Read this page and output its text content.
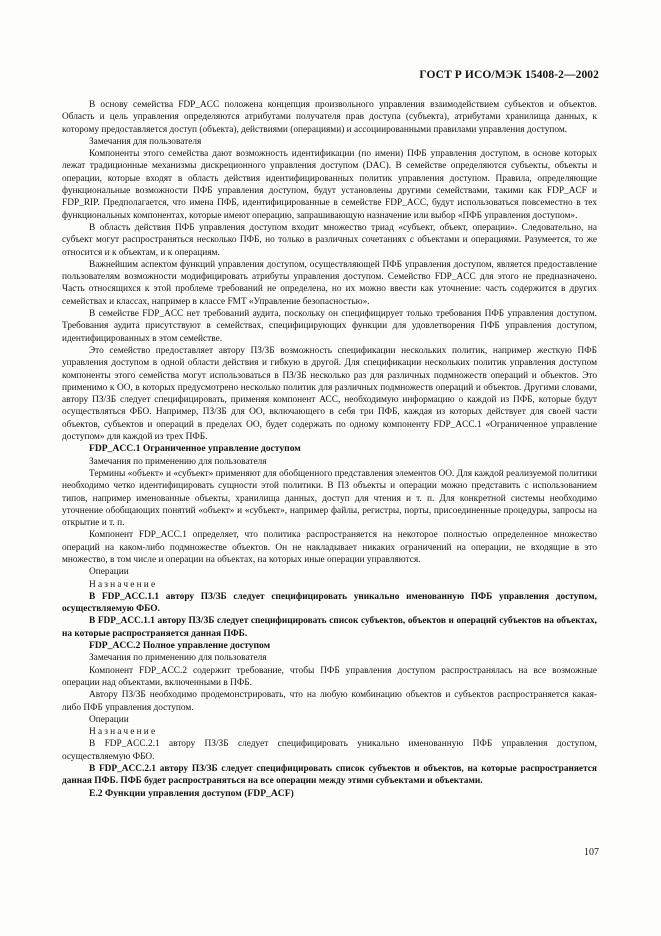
ГОСТ Р ИСО/МЭК 15408-2—2002

В основу семейства FDP_ACC положена концепция произвольного управления взаимодействием субъектов и объектов. Область и цель управления определяются атрибутами получателя прав доступа (субъекта), атрибутами хранилища данных, к которому предоставляется доступ (объекта), действиями (операциями) и ассоциированными правилами управления доступом.

Замечания для пользователя

Компоненты этого семейства дают возможность идентификации (по имени) ПФБ управления доступом, в основе которых лежат традиционные механизмы дискреционного управления доступом (DAC). В семействе определяются субъекты, объекты и операции, которые входят в область действия идентифицированных политик управления доступом. Правила, определяющие функциональные возможности ПФБ управления доступом, будут установлены другими семействами, такими как FDP_ACF и FDP_RIP. Предполагается, что имена ПФБ, идентифицированные в семействе FDP_ACC, будут использоваться повсеместно в тех функциональных компонентах, которые имеют операцию, запрашивающую назначение или выбор «ПФБ управления доступом».

В область действия ПФБ управления доступом входит множество триад «субъект, объект, операции». Следовательно, на субъект могут распространяться несколько ПФБ, но только в различных сочетаниях с объектами и операциями. Разумеется, то же относится и к объектам, и к операциям.

Важнейшим аспектом функций управления доступом, осуществляющей ПФБ управления доступом, является предоставление пользователям возможности модифицировать атрибуты управления доступом. Семейство FDP_ACC для этого не предназначено. Часть относящихся к этой проблеме требований не определена, но их можно ввести как уточнение: часть содержится в других семействах и классах, например в классе FMT «Управление безопасностью».

В семействе FDP_ACC нет требований аудита, поскольку он специфицирует только требования ПФБ управления доступом. Требования аудита присутствуют в семействах, специфицирующих функции для удовлетворения ПФБ управления доступом, идентифицированных в этом семействе.

Это семейство предоставляет автору ПЗ/ЗБ возможность спецификации нескольких политик, например жесткую ПФБ управления доступом в одной области действия и гибкую в другой. Для спецификации нескольких политик управления доступом компоненты этого семейства могут использоваться в ПЗ/ЗБ несколько раз для различных подмножеств операций и объектов. Это применимо к ОО, в которых предусмотрено несколько политик для различных подмножеств операций и объектов. Другими словами, автору ПЗ/ЗБ следует специфицировать, применяя компонент АСС, необходимую информацию о каждой из ПФБ, которые будут осуществляться ФБО. Например, ПЗ/ЗБ для ОО, включающего в себя три ПФБ, каждая из которых действует для своей части объектов, субъектов и операций в пределах ОО, будет содержать по одному компоненту FDP_ACC.1 «Ограниченное управление доступом» для каждой из трех ПФБ.

FDP_ACC.1 Ограниченное управление доступом

Замечания по применению для пользователя

Термины «объект» и «субъект» применяют для обобщенного представления элементов ОО. Для каждой реализуемой политики необходимо четко идентифицировать сущности этой политики. В ПЗ объекты и операции можно представить с использованием типов, например именованные объекты, хранилища данных, доступ для чтения и т. п. Для конкретной системы необходимо уточнение обобщающих понятий «объект» и «субъект», например файлы, регистры, порты, присоединенные процедуры, запросы на открытие и т. п.

Компонент FDP_ACC.1 определяет, что политика распространяется на некоторое полностью определенное множество операций на каком-либо подмножестве объектов. Он не накладывает никаких ограничений на операции, не входящие в это множество, в том числе и операции на объектах, на которых иные операции управляются.

Операции

Назначение

В FDP_ACC.1.1 автору ПЗ/ЗБ следует специфицировать уникально именованную ПФБ управления доступом, осуществляемую ФБО.

В FDP_ACC.1.1 автору ПЗ/ЗБ следует специфицировать список субъектов, объектов и операций субъектов на объектах, на которые распространяется данная ПФБ.

FDP_ACC.2 Полное управление доступом

Замечания по применению для пользователя

Компонент FDP_ACC.2 содержит требование, чтобы ПФБ управления доступом распространялась на все возможные операции над объектами, включенными в ПФБ.

Автору ПЗ/ЗБ необходимо продемонстрировать, что на любую комбинацию объектов и субъектов распространяется какая-либо ПФБ управления доступом.

Операции

Назначение

В FDP_ACC.2.1 автору ПЗ/ЗБ следует специфицировать уникально именованную ПФБ управления доступом, осуществляемую ФБО.

В FDP_ACC.2.1 автору ПЗ/ЗБ следует специфицировать список субъектов и объектов, на которые распространяется данная ПФБ. ПФБ будет распространяться на все операции между этими субъектами и объектами.

Е.2 Функции управления доступом (FDP_ACF)

107
